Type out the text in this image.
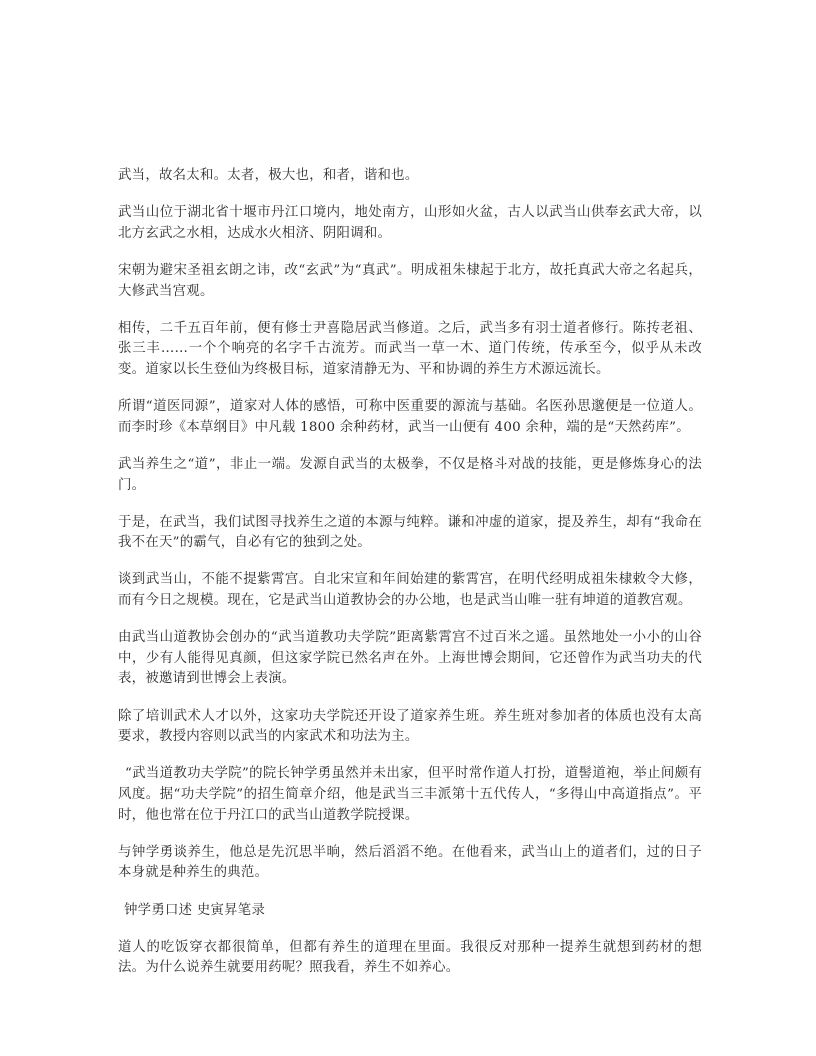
武当，故名太和。太者，极大也，和者，谐和也。

武当山位于湖北省十堰市丹江口境内，地处南方，山形如火盆，古人以武当山供奉玄武大帝，以北方玄武之水相，达成水火相济、阴阳调和。

宋朝为避宋圣祖玄朗之讳，改“玄武”为“真武”。明成祖朱棣起于北方，故托真武大帝之名起兵，大修武当宫观。

相传，二千五百年前，便有修士尹喜隐居武当修道。之后，武当多有羽士道者修行。陈抟老祖、张三丰……一个个响亮的名字千古流芳。而武当一草一木、道门传统，传承至今，似乎从未改变。道家以长生登仙为终极目标，道家清静无为、平和协调的养生方术源远流长。

所谓“道医同源”，道家对人体的感悟，可称中医重要的源流与基础。名医孙思邈便是一位道人。而李时珍《本草纲目》中凡载 1800 余种药材，武当一山便有 400 余种，端的是“天然药库”。

武当养生之“道”，非止一端。发源自武当的太极拳，不仅是格斗对战的技能，更是修炼身心的法门。

于是，在武当，我们试图寻找养生之道的本源与纯粹。谦和冲虚的道家，提及养生，却有“我命在我不在天”的霸气，自必有它的独到之处。

谈到武当山，不能不提紫霄宫。自北宋宣和年间始建的紫霄宫，在明代经明成祖朱棣敕令大修，而有今日之规模。现在，它是武当山道教协会的办公地，也是武当山唯一驻有坤道的道教宫观。

由武当山道教协会创办的“武当道教功夫学院”距离紫霄宫不过百米之遥。虽然地处一小小的山谷中，少有人能得见真颜，但这家学院已然名声在外。上海世博会期间，它还曾作为武当功夫的代表，被邀请到世博会上表演。

除了培训武术人才以外，这家功夫学院还开设了道家养生班。养生班对参加者的体质也没有太高要求，教授内容则以武当的内家武术和功法为主。

“武当道教功夫学院”的院长钟学勇虽然并未出家，但平时常作道人打扮，道髻道袍，举止间颇有风度。据“功夫学院”的招生简章介绍，他是武当三丰派第十五代传人，“多得山中高道指点”。平时，他也常在位于丹江口的武当山道教学院授课。

与钟学勇谈养生，他总是先沉思半晌，然后滔滔不绝。在他看来，武当山上的道者们，过的日子本身就是种养生的典范。

钟学勇口述 史寅昇笔录

道人的吃饭穿衣都很简单，但都有养生的道理在里面。我很反对那种一提养生就想到药材的想法。为什么说养生就要用药呢？照我看，养生不如养心。
